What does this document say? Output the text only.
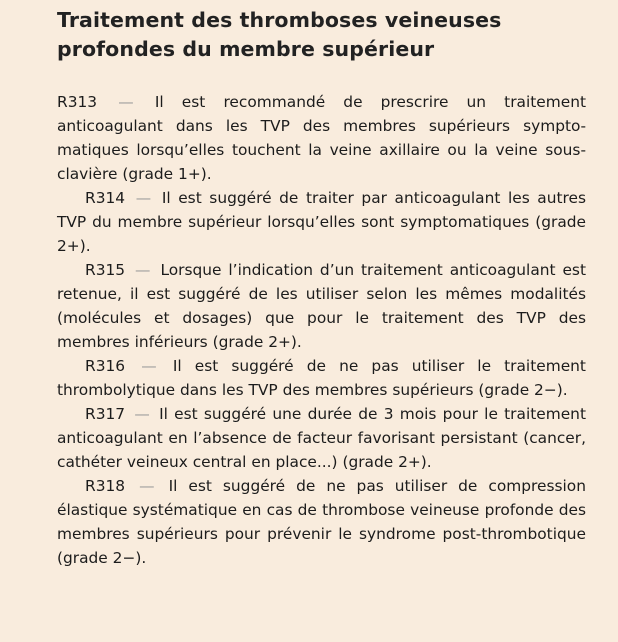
Traitement des thromboses veineuses profondes du membre supérieur

R313  —  Il est recommandé de prescrire un traitement anticoagulant dans les TVP des membres supérieurs symptomatiques lorsqu’elles touchent la veine axillaire ou la veine sous-clavière (grade 1+).

R314  —  Il est suggéré de traiter par anticoagulant les autres TVP du membre supérieur lorsqu’elles sont symptomatiques (grade 2+).

R315  —  Lorsque l’indication d’un traitement anticoagulant est retenue, il est suggéré de les utiliser selon les mêmes modalités (molécules et dosages) que pour le traitement des TVP des membres inférieurs (grade 2+).

R316  —  Il est suggéré de ne pas utiliser le traitement thrombolytique dans les TVP des membres supérieurs (grade 2−).

R317  —  Il est suggéré une durée de 3 mois pour le traitement anticoagulant en l’absence de facteur favorisant persistant (cancer, cathéter veineux central en place...) (grade 2+).

R318  —  Il est suggéré de ne pas utiliser de compression élastique systématique en cas de thrombose veineuse profonde des membres supérieurs pour prévenir le syndrome post-thrombotique (grade 2−).
